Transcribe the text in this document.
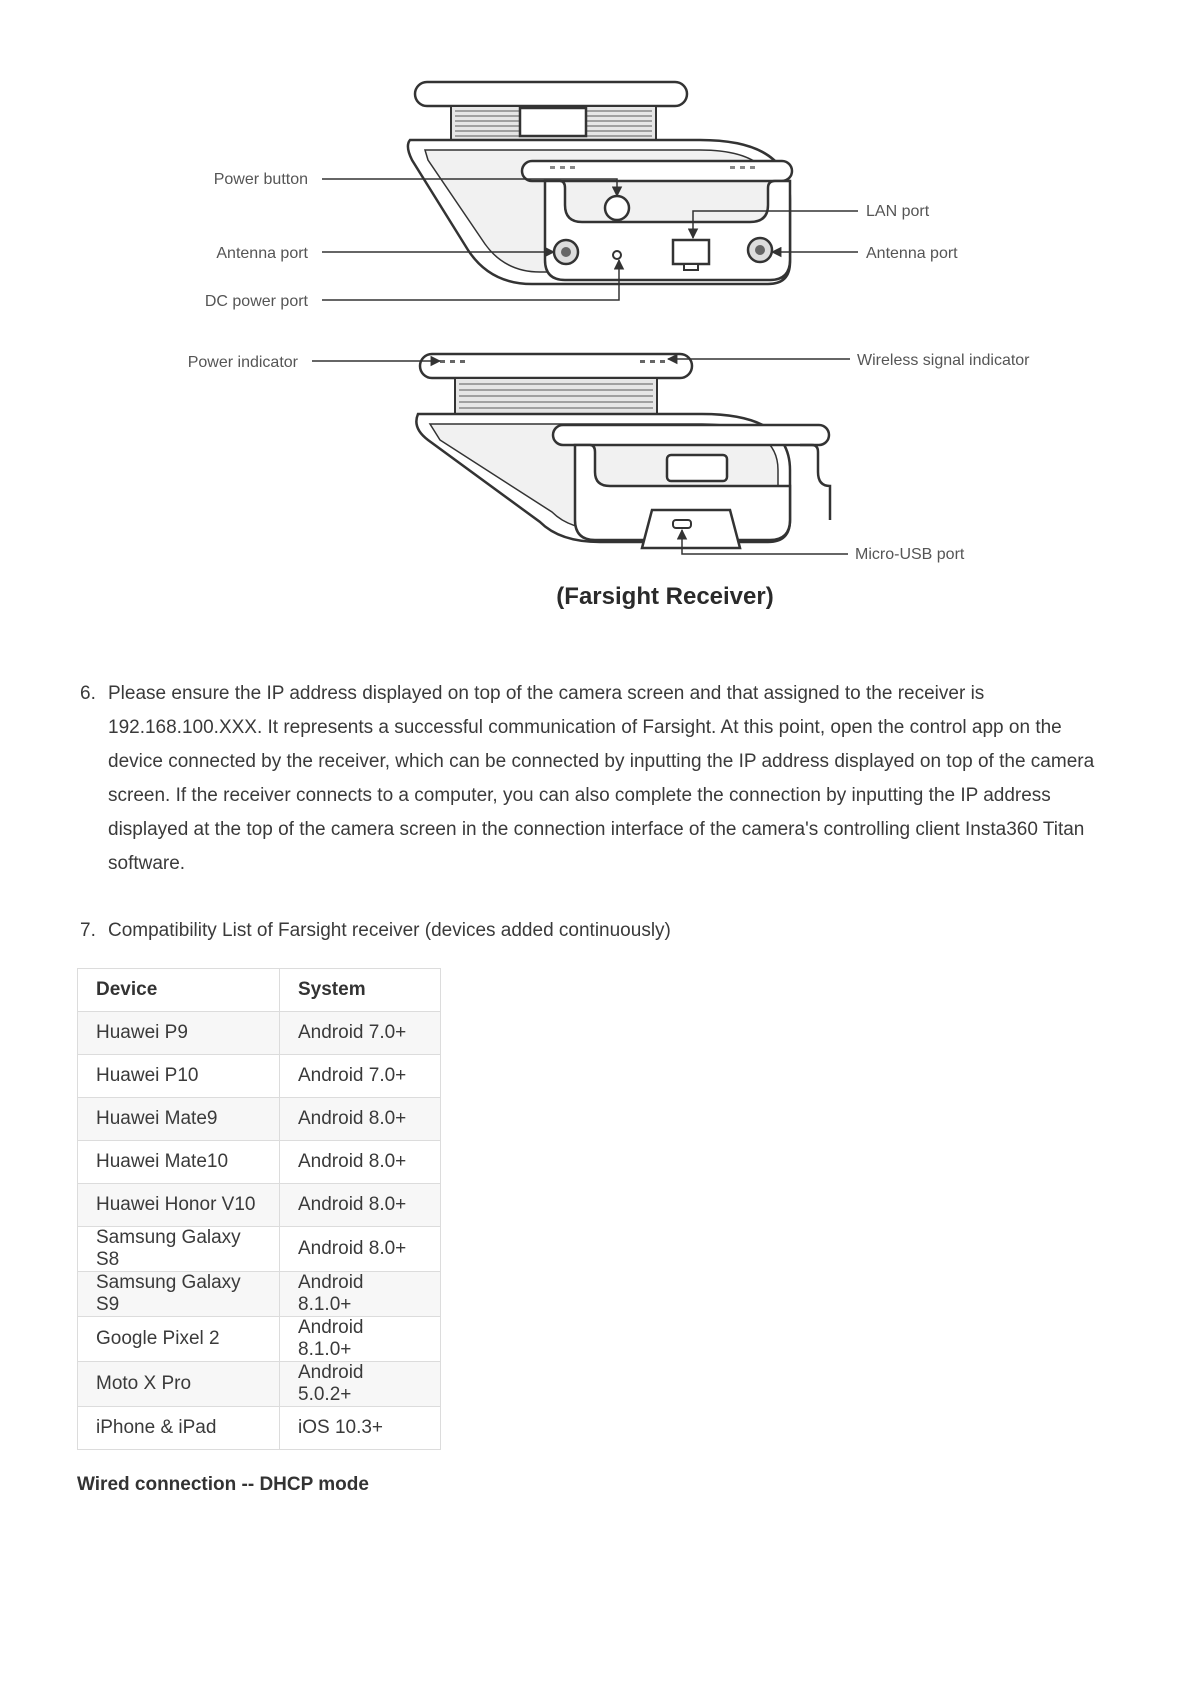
Power button
Antenna port
DC power port
Power indicator
LAN port
Antenna port
Wireless signal indicator
Micro-USB port
(Farsight Receiver)
6. Please ensure the IP address displayed on top of the camera screen and that assigned to the receiver is 192.168.100.XXX. It represents a successful communication of Farsight. At this point, open the control app on the device connected by the receiver, which can be connected by inputting the IP address displayed on top of the camera screen. If the receiver connects to a computer, you can also complete the connection by inputting the IP address displayed at the top of the camera screen in the connection interface of the camera's controlling client Insta360 Titan software.
7. Compatibility List of Farsight receiver (devices added continuously)
Device	System
Huawei P9	Android 7.0+
Huawei P10	Android 7.0+
Huawei Mate9	Android 8.0+
Huawei Mate10	Android 8.0+
Huawei Honor V10	Android 8.0+
Samsung Galaxy S8	Android 8.0+
Samsung Galaxy S9	Android 8.1.0+
Google Pixel 2	Android 8.1.0+
Moto X Pro	Android 5.0.2+
iPhone & iPad	iOS 10.3+
Wired connection -- DHCP mode
